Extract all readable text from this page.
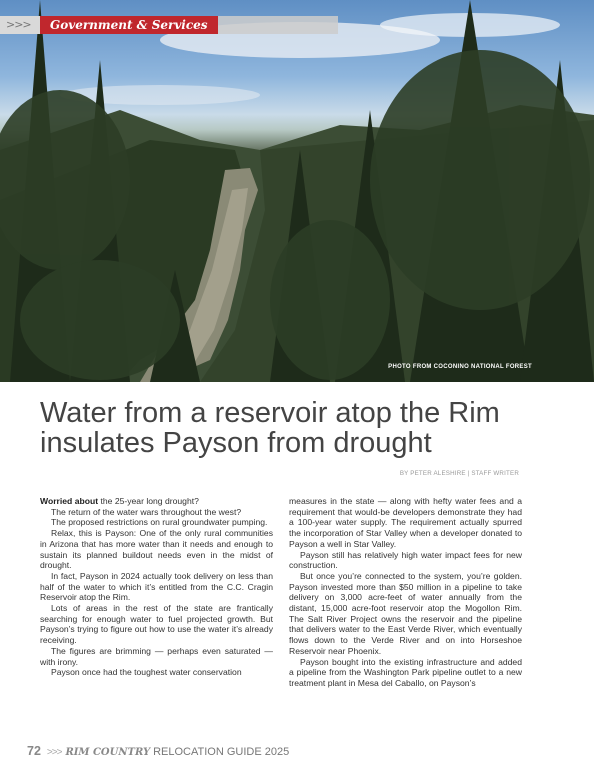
>>>	Government & Services
PHOTO FROM COCONINO NATIONAL FOREST
Water from a reservoir atop the Rim insulates Payson from drought
BY PETER ALESHIRE | STAFF WRITER

Worried about the 25-year long drought?

The return of the water wars throughout the west?

The proposed restrictions on rural groundwater pumping.

Relax, this is Payson: One of the only rural communities in Arizona that has more water than it needs and enough to sustain its planned buildout needs even in the midst of drought.

In fact, Payson in 2024 actually took delivery on less than half of the water to which it’s entitled from the C.C. Cragin Reservoir atop the Rim.

Lots of areas in the rest of the state are frantically searching for enough water to fuel projected growth. But Payson’s trying to figure out how to use the water it’s already receiving.

The figures are brimming — perhaps even saturated — with irony.

Payson once had the toughest water conservation

measures in the state — along with hefty water fees and a requirement that would-be developers demonstrate they had a 100-year water supply. The requirement actually spurred the incorporation of Star Valley when a developer donated to Payson a well in Star Valley.

Payson still has relatively high water impact fees for new construction.

But once you’re connected to the system, you’re golden. Payson invested more than $50 million in a pipeline to take delivery on 3,000 acre-feet of water annually from the distant, 15,000 acre-foot reservoir atop the Mogollon Rim. The Salt River Project owns the reservoir and the pipeline that delivers water to the East Verde River, which eventually flows down to the Verde River and on into Horseshoe Reservoir near Phoenix.

Payson bought into the existing infrastructure and added a pipeline from the Washington Park pipeline outlet to a new treatment plant in Mesa del Caballo, on Payson’s

72 >>> RIM COUNTRY RELOCATION GUIDE 2025
